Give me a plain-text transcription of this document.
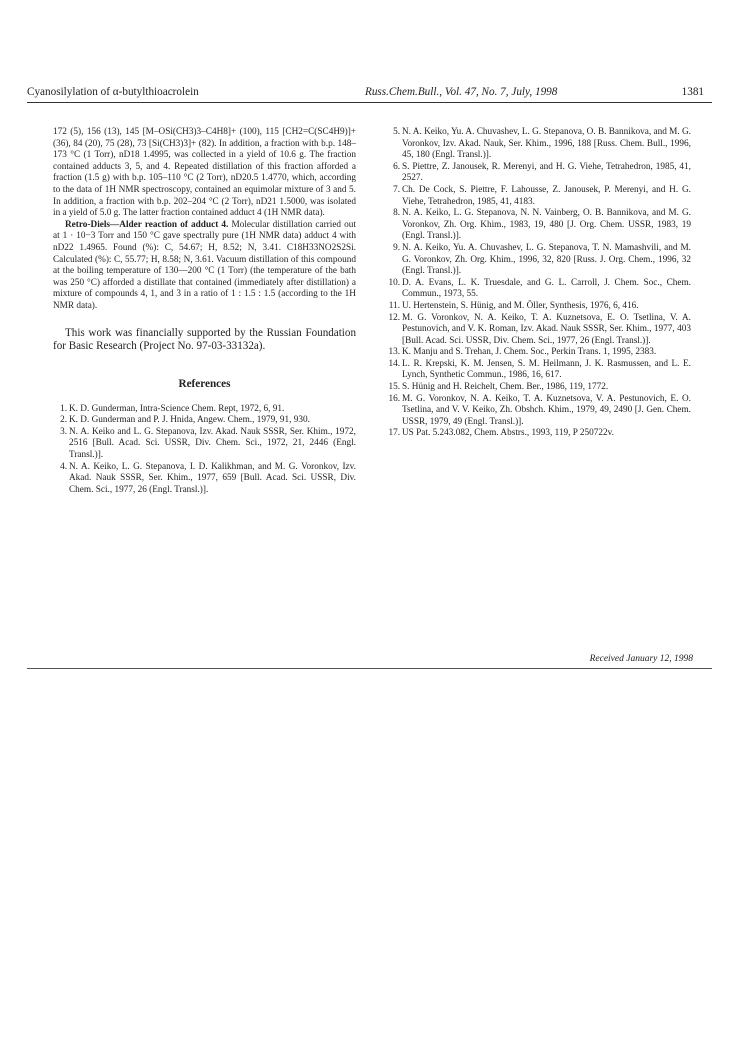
Cyanosilylation of α-butylthioacrolein	Russ.Chem.Bull., Vol. 47, No. 7, July, 1998	1381

172 (5), 156 (13), 145 [M–OSi(CH3)3–C4H8]+ (100), 115 [CH2=C(SC4H9)]+ (36), 84 (20), 75 (28), 73 [Si(CH3)3]+ (82). In addition, a fraction with b.p. 148–173 °C (1 Torr), nD18 1.4995, was collected in a yield of 10.6 g. The fraction contained adducts 3, 5, and 4. Repeated distillation of this fraction afforded a fraction (1.5 g) with b.p. 105–110 °C (2 Torr), nD20.5 1.4770, which, according to the data of 1H NMR spectroscopy, contained an equimolar mixture of 3 and 5. In addition, a fraction with b.p. 202–204 °C (2 Torr), nD21 1.5000, was isolated in a yield of 5.0 g. The latter fraction contained adduct 4 (1H NMR data).

Retro-Diels—Alder reaction of adduct 4. Molecular distillation carried out at 1 · 10−3 Torr and 150 °C gave spectrally pure (1H NMR data) adduct 4 with nD22 1.4965. Found (%): C, 54.67; H, 8.52; N, 3.41. C18H33NO2S2Si. Calculated (%): C, 55.77; H, 8.58; N, 3.61. Vacuum distillation of this compound at the boiling temperature of 130—200 °C (1 Torr) (the temperature of the bath was 250 °C) afforded a distillate that contained (immediately after distillation) a mixture of compounds 4, 1, and 3 in a ratio of 1 : 1.5 : 1.5 (according to the 1H NMR data).

This work was financially supported by the Russian Foundation for Basic Research (Project No. 97-03-33132a).

References
1 . K. D. Gunderman, Intra-Science Chem. Rept, 1972, 6, 91.
2 . K. D. Gunderman and P. J. Hnida, Angew. Chem., 1979, 91, 930.
3 . N. A. Keiko and L. G. Stepanova, Izv. Akad. Nauk SSSR, Ser. Khim., 1972, 2516 [Bull. Acad. Sci. USSR, Div. Chem. Sci., 1972, 21, 2446 (Engl. Transl.)].
4 . N. A. Keiko, L. G. Stepanova, I. D. Kalikhman, and M. G. Voronkov, Izv. Akad. Nauk SSSR, Ser. Khim., 1977, 659 [Bull. Acad. Sci. USSR, Div. Chem. Sci., 1977, 26 (Engl. Transl.)].
5 . N. A. Keiko, Yu. A. Chuvashev, L. G. Stepanova, O. B. Bannikova, and M. G. Voronkov, Izv. Akad. Nauk, Ser. Khim., 1996, 188 [Russ. Chem. Bull., 1996, 45, 180 (Engl. Transl.)].
6 . S. Piettre, Z. Janousek, R. Merenyi, and H. G. Viehe, Tetrahedron, 1985, 41, 2527.
7 . Ch. De Cock, S. Piettre, F. Lahousse, Z. Janousek, P. Merenyi, and H. G. Viehe, Tetrahedron, 1985, 41, 4183.
8 . N. A. Keiko, L. G. Stepanova, N. N. Vainberg, O. B. Bannikova, and M. G. Voronkov, Zh. Org. Khim., 1983, 19, 480 [J. Org. Chem. USSR, 1983, 19 (Engl. Transl.)].
9 . N. A. Keiko, Yu. A. Chuvashev, L. G. Stepanova, T. N. Mamashvili, and M. G. Voronkov, Zh. Org. Khim., 1996, 32, 820 [Russ. J. Org. Chem., 1996, 32 (Engl. Transl.)].
10 . D. A. Evans, L. K. Truesdale, and G. L. Carroll, J. Chem. Soc., Chem. Commun., 1973, 55.
11 . U. Hertenstein, S. Hünig, and M. Öller, Synthesis, 1976, 6, 416.
12 . M. G. Voronkov, N. A. Keiko, T. A. Kuznetsova, E. O. Tsetlina, V. A. Pestunovich, and V. K. Roman, Izv. Akad. Nauk SSSR, Ser. Khim., 1977, 403 [Bull. Acad. Sci. USSR, Div. Chem. Sci., 1977, 26 (Engl. Transl.)].
13 . K. Manju and S. Trehan, J. Chem. Soc., Perkin Trans. 1, 1995, 2383.
14 . L. R. Krepski, K. M. Jensen, S. M. Heilmann, J. K. Rasmussen, and L. E. Lynch, Synthetic Commun., 1986, 16, 617.
15 . S. Hünig and H. Reichelt, Chem. Ber., 1986, 119, 1772.
16 . M. G. Voronkov, N. A. Keiko, T. A. Kuznetsova, V. A. Pestunovich, E. O. Tsetlina, and V. V. Keiko, Zh. Obshch. Khim., 1979, 49, 2490 [J. Gen. Chem. USSR, 1979, 49 (Engl. Transl.)].
17 . US Pat. 5.243.082, Chem. Abstrs., 1993, 119, P 250722v.
Received January 12, 1998
